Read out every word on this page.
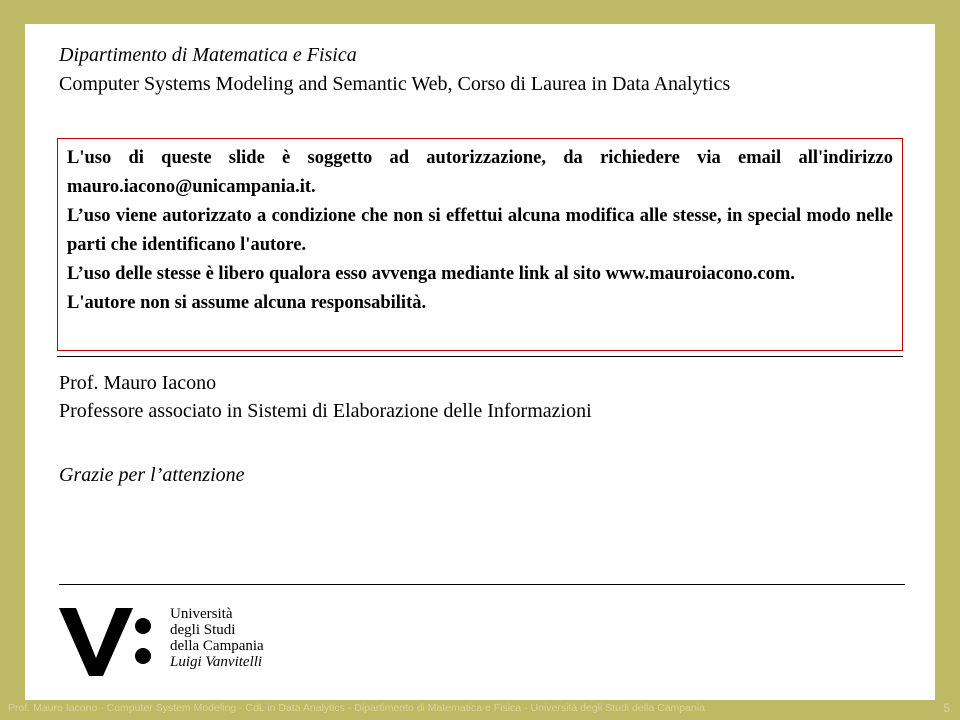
Dipartimento di Matematica e Fisica
Computer Systems Modeling and Semantic Web, Corso di Laurea in Data Analytics

L'uso di queste slide è soggetto ad autorizzazione, da richiedere via email all'indirizzo mauro.iacono@unicampania.it.

L’uso viene autorizzato a condizione che non si effettui alcuna modifica alle stesse, in special modo nelle parti che identificano l'autore.

L’uso delle stesse è libero qualora esso avvenga mediante link al sito www.mauroiacono.com.

L'autore non si assume alcuna responsabilità.

Prof. Mauro Iacono
Professore associato in Sistemi di Elaborazione delle Informazioni
Grazie per l’attenzione
Università
degli Studi
della Campania
Luigi Vanvitelli
Prof. Mauro Iacono - Computer System Modeling - CdL in Data Analytics - Dipartimento di Matematica e Fisica - Università degli Studi della Campania	5
